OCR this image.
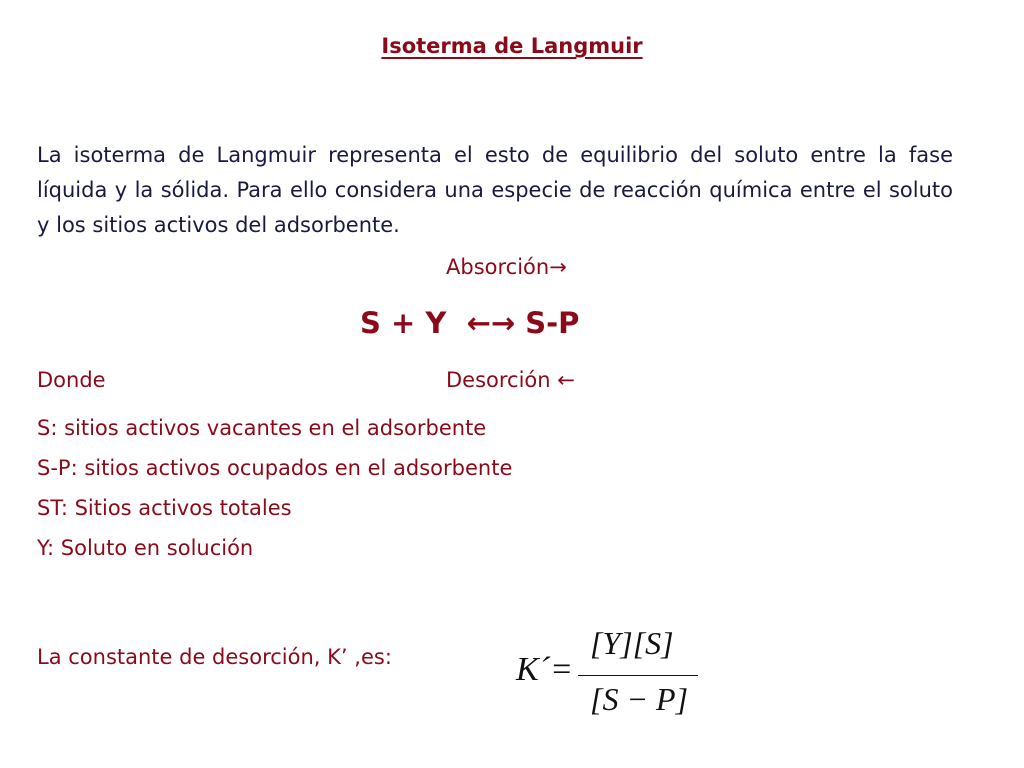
Isoterma de Langmuir
La isoterma de Langmuir representa el esto de equilibrio del soluto entre la fase líquida y la sólida. Para ello considera una especie de reacción química entre el soluto y los sitios activos del adsorbente.
Absorción→
S + Y  ←→ S-P
Donde	Desorción ←
S: sitios activos vacantes en el adsorbente
S-P: sitios activos ocupados en el adsorbente
ST: Sitios activos totales
Y: Soluto en solución
La constante de desorción, K’ ,es:	K´=
[Y][S]
[S − P]
